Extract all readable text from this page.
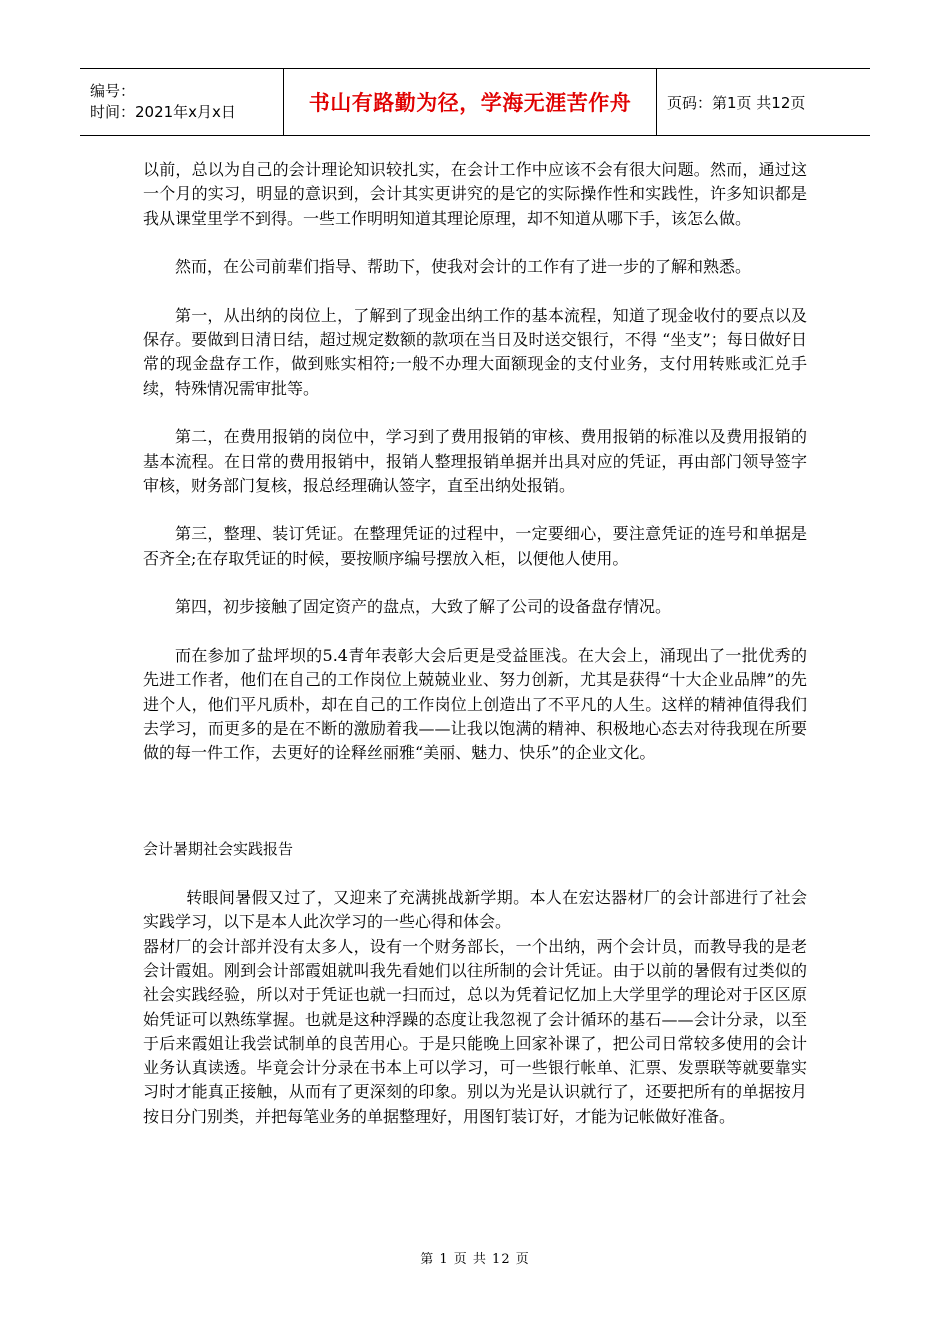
编号：
时间：2021年x月x日	书山有路勤为径，学海无涯苦作舟 页码：第1页 共12页

以前，总以为自己的会计理论知识较扎实，在会计工作中应该不会有很大问题。然而，通过这一个月的实习，明显的意识到，会计其实更讲究的是它的实际操作性和实践性，许多知识都是我从课堂里学不到得。一些工作明明知道其理论原理，却不知道从哪下手，该怎么做。

然而，在公司前辈们指导、帮助下，使我对会计的工作有了进一步的了解和熟悉。

第一，从出纳的岗位上，了解到了现金出纳工作的基本流程，知道了现金收付的要点以及保存。要做到日清日结，超过规定数额的款项在当日及时送交银行，不得 “坐支”；每日做好日常的现金盘存工作，做到账实相符;一般不办理大面额现金的支付业务，支付用转账或汇兑手续，特殊情况需审批等。

第二，在费用报销的岗位中，学习到了费用报销的审核、费用报销的标准以及费用报销的基本流程。在日常的费用报销中，报销人整理报销单据并出具对应的凭证，再由部门领导签字审核，财务部门复核，报总经理确认签字，直至出纳处报销。

第三，整理、装订凭证。在整理凭证的过程中，一定要细心，要注意凭证的连号和单据是否齐全;在存取凭证的时候，要按顺序编号摆放入柜，以便他人使用。

第四，初步接触了固定资产的盘点，大致了解了公司的设备盘存情况。

而在参加了盐坪坝的5.4青年表彰大会后更是受益匪浅。在大会上，涌现出了一批优秀的先进工作者，他们在自己的工作岗位上兢兢业业、努力创新，尤其是获得“十大企业品牌”的先进个人，他们平凡质朴，却在自己的工作岗位上创造出了不平凡的人生。这样的精神值得我们去学习，而更多的是在不断的激励着我——让我以饱满的精神、积极地心态去对待我现在所要做的每一件工作，去更好的诠释丝丽雅“美丽、魅力、快乐”的企业文化。

会计暑期社会实践报告

转眼间暑假又过了，又迎来了充满挑战新学期。本人在宏达器材厂的会计部进行了社会实践学习，以下是本人此次学习的一些心得和体会。

器材厂的会计部并没有太多人，设有一个财务部长，一个出纳，两个会计员，而教导我的是老会计霞姐。刚到会计部霞姐就叫我先看她们以往所制的会计凭证。由于以前的暑假有过类似的社会实践经验，所以对于凭证也就一扫而过，总以为凭着记忆加上大学里学的理论对于区区原始凭证可以熟练掌握。也就是这种浮躁的态度让我忽视了会计循环的基石——会计分录，以至于后来霞姐让我尝试制单的良苦用心。于是只能晚上回家补课了，把公司日常较多使用的会计业务认真读透。毕竟会计分录在书本上可以学习，可一些银行帐单、汇票、发票联等就要靠实习时才能真正接触，从而有了更深刻的印象。别以为光是认识就行了，还要把所有的单据按月按日分门别类，并把每笔业务的单据整理好，用图钉装订好，才能为记帐做好准备。

第 1 页 共 12 页
